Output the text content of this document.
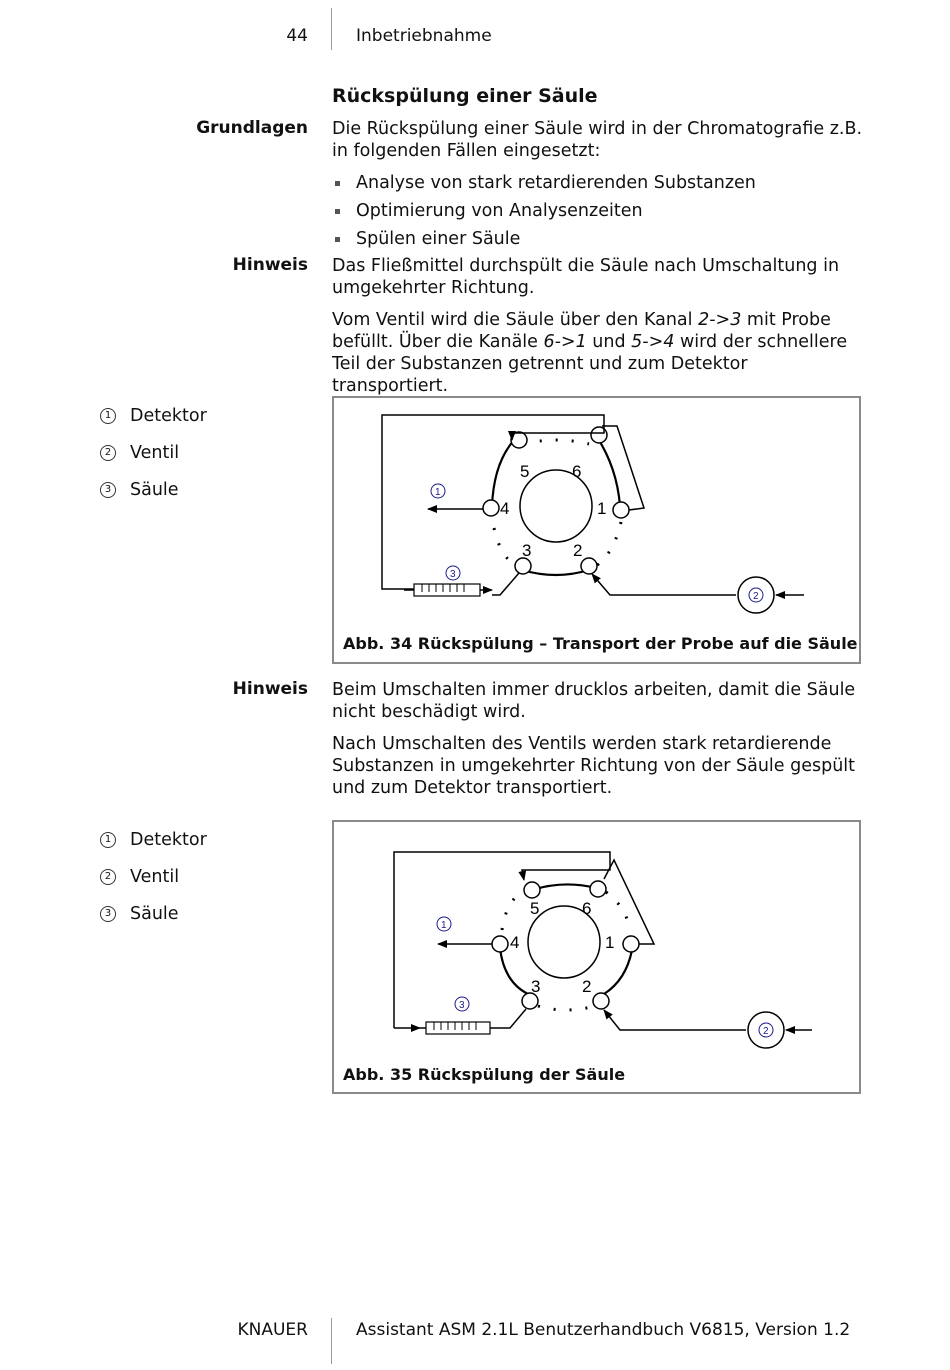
44	Inbetriebnahme
Rückspülung einer Säule
Grundlagen Die Rückspülung einer Säule wird in der Chromatografie z.B. in folgenden Fällen eingesetzt:
Analyse von stark retardierenden Substanzen
Optimierung von Analysenzeiten
Spülen einer Säule
Hinweis Das Fließmittel durchspült die Säule nach Umschaltung in umgekehrter Richtung.
Vom Ventil wird die Säule über den Kanal 2->3 mit Probe befüllt. Über die Kanäle 6->1 und 5->4 wird der schnellere Teil der Substanzen getrennt und zum Detektor transportiert.
1 Detektor
2 Ventil
3 Säule
5	6
4	1
3 2
2
1
3
Abb. 34 Rückspülung – Transport der Probe auf die Säule
Hinweis Beim Umschalten immer drucklos arbeiten, damit die Säule nicht beschädigt wird.
Nach Umschalten des Ventils werden stark retardierende Substanzen in umgekehrter Richtung von der Säule gespült und zum Detektor transportiert.
1 Detektor
2 Ventil
3 Säule	5	6
4	1
3 2
2
1
3
Abb. 35 Rückspülung der Säule
KNAUER	Assistant ASM 2.1L Benutzerhandbuch V6815, Version 1.2
